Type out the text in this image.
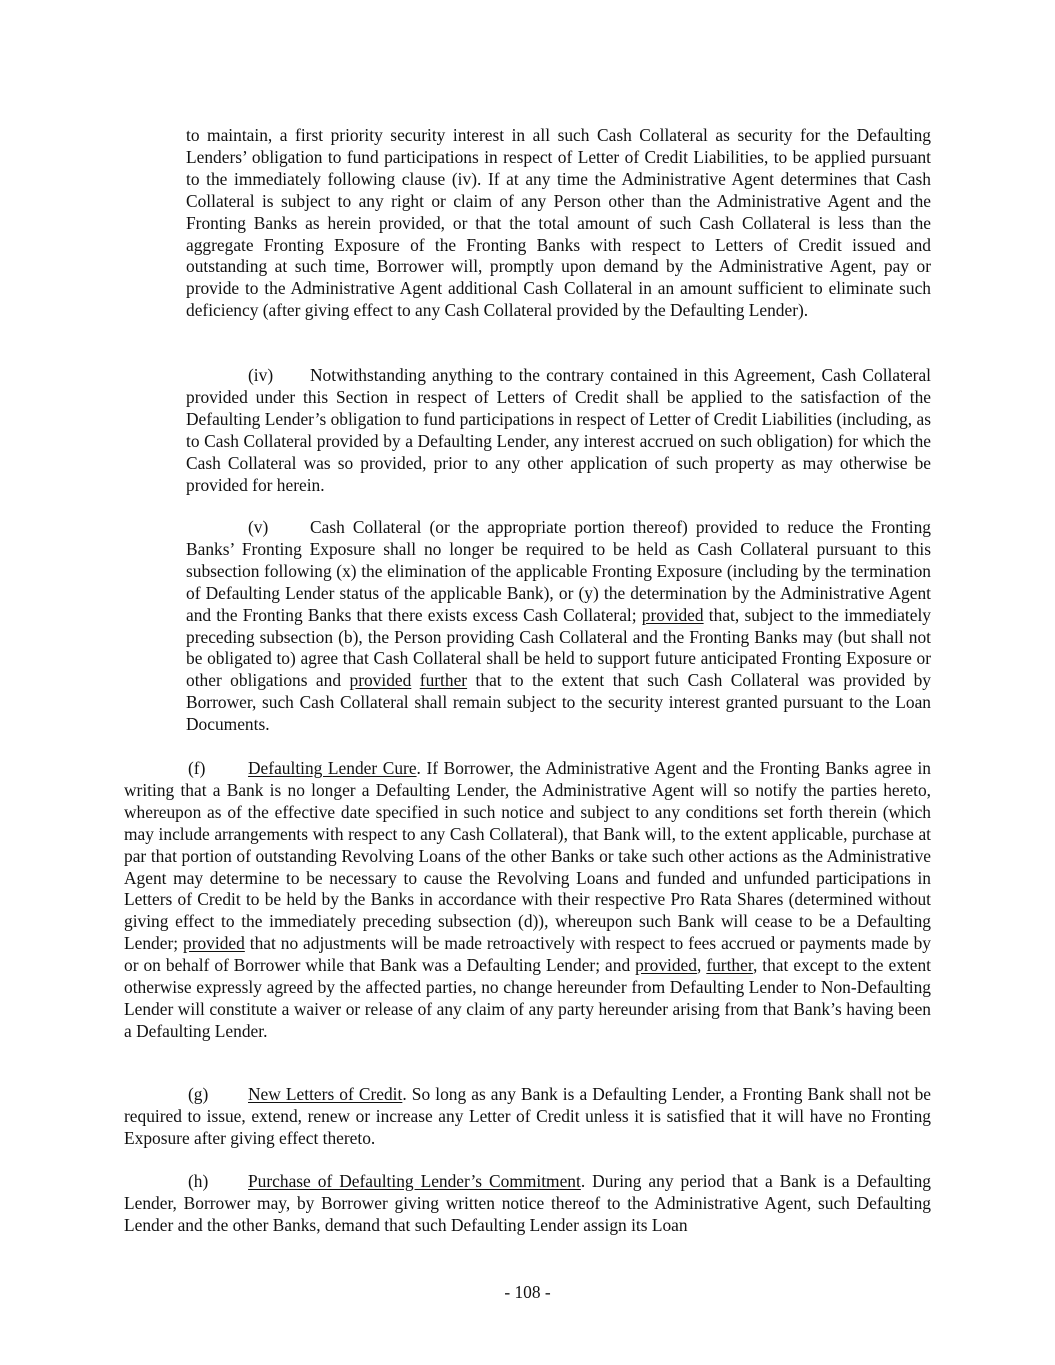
to maintain, a first priority security interest in all such Cash Collateral as security for the Defaulting Lenders’ obligation to fund participations in respect of Letter of Credit Liabilities, to be applied pursuant to the immediately following clause (iv). If at any time the Administrative Agent determines that Cash Collateral is subject to any right or claim of any Person other than the Administrative Agent and the Fronting Banks as herein provided, or that the total amount of such Cash Collateral is less than the aggregate Fronting Exposure of the Fronting Banks with respect to Letters of Credit issued and outstanding at such time, Borrower will, promptly upon demand by the Administrative Agent, pay or provide to the Administrative Agent additional Cash Collateral in an amount sufficient to eliminate such deficiency (after giving effect to any Cash Collateral provided by the Defaulting Lender).

(iv) Notwithstanding anything to the contrary contained in this Agreement, Cash Collateral provided under this Section in respect of Letters of Credit shall be applied to the satisfaction of the Defaulting Lender’s obligation to fund participations in respect of Letter of Credit Liabilities (including, as to Cash Collateral provided by a Defaulting Lender, any interest accrued on such obligation) for which the Cash Collateral was so provided, prior to any other application of such property as may otherwise be provided for herein.

(v) Cash Collateral (or the appropriate portion thereof) provided to reduce the Fronting Banks’ Fronting Exposure shall no longer be required to be held as Cash Collateral pursuant to this subsection following (x) the elimination of the applicable Fronting Exposure (including by the termination of Defaulting Lender status of the applicable Bank), or (y) the determination by the Administrative Agent and the Fronting Banks that there exists excess Cash Collateral; provided that, subject to the immediately preceding subsection (b), the Person providing Cash Collateral and the Fronting Banks may (but shall not be obligated to) agree that Cash Collateral shall be held to support future anticipated Fronting Exposure or other obligations and provided further that to the extent that such Cash Collateral was provided by Borrower, such Cash Collateral shall remain subject to the security interest granted pursuant to the Loan Documents.

(f) Defaulting Lender Cure. If Borrower, the Administrative Agent and the Fronting Banks agree in writing that a Bank is no longer a Defaulting Lender, the Administrative Agent will so notify the parties hereto, whereupon as of the effective date specified in such notice and subject to any conditions set forth therein (which may include arrangements with respect to any Cash Collateral), that Bank will, to the extent applicable, purchase at par that portion of outstanding Revolving Loans of the other Banks or take such other actions as the Administrative Agent may determine to be necessary to cause the Revolving Loans and funded and unfunded participations in Letters of Credit to be held by the Banks in accordance with their respective Pro Rata Shares (determined without giving effect to the immediately preceding subsection (d)), whereupon such Bank will cease to be a Defaulting Lender; provided that no adjustments will be made retroactively with respect to fees accrued or payments made by or on behalf of Borrower while that Bank was a Defaulting Lender; and provided, further, that except to the extent otherwise expressly agreed by the affected parties, no change hereunder from Defaulting Lender to Non-Defaulting Lender will constitute a waiver or release of any claim of any party hereunder arising from that Bank’s having been a Defaulting Lender.

(g) New Letters of Credit. So long as any Bank is a Defaulting Lender, a Fronting Bank shall not be required to issue, extend, renew or increase any Letter of Credit unless it is satisfied that it will have no Fronting Exposure after giving effect thereto.

(h) Purchase of Defaulting Lender’s Commitment. During any period that a Bank is a Defaulting Lender, Borrower may, by Borrower giving written notice thereof to the Administrative Agent, such Defaulting Lender and the other Banks, demand that such Defaulting Lender assign its Loan

- 108 -
